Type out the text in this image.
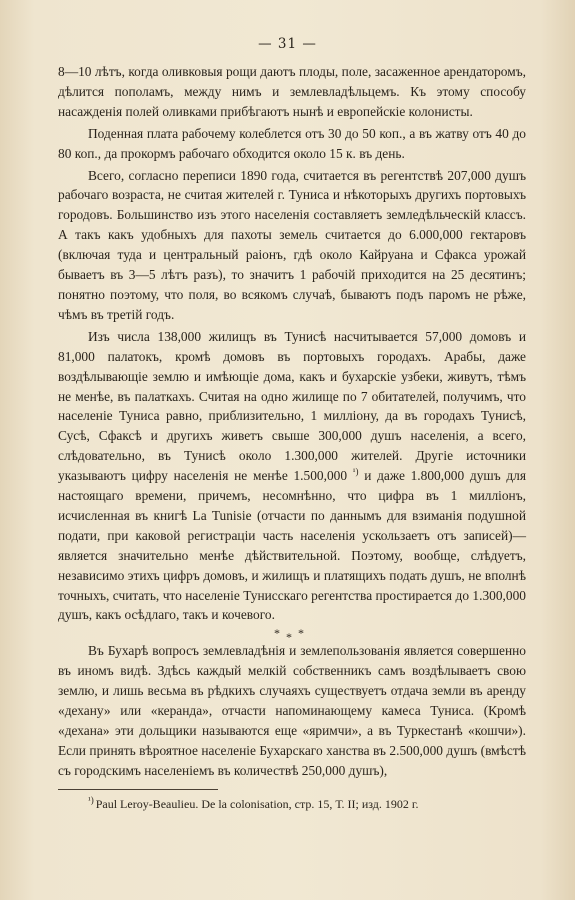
— 31 —

8—10 лѣтъ, когда оливковыя рощи даютъ плоды, поле, засаженное арендаторомъ, дѣлится пополамъ, между нимъ и землевладѣльцемъ. Къ этому способу насажденія полей оливками прибѣгаютъ нынѣ и европейскіе колонисты.

Поденная плата рабочему колеблется отъ 30 до 50 коп., а въ жатву отъ 40 до 80 коп., да прокормъ рабочаго обходится около 15 к. въ день.

Всего, согласно переписи 1890 года, считается въ регентствѣ 207,000 душъ рабочаго возраста, не считая жителей г. Туниса и нѣкоторыхъ другихъ портовыхъ городовъ. Большинство изъ этого населенія составляетъ земледѣльческій классъ. А такъ какъ удобныхъ для пахоты земель считается до 6.000,000 гектаровъ (включая туда и центральный раіонъ, гдѣ около Кайруана и Сфакса урожай бываетъ въ 3—5 лѣтъ разъ), то значитъ 1 рабочій приходится на 25 десятинъ; понятно поэтому, что поля, во всякомъ случаѣ, бываютъ подъ паромъ не рѣже, чѣмъ въ третій годъ.

Изъ числа 138,000 жилищъ въ Тунисѣ насчитывается 57,000 домовъ и 81,000 палатокъ, кромѣ домовъ въ портовыхъ городахъ. Арабы, даже воздѣлывающіе землю и имѣющіе дома, какъ и бухарскіе узбеки, живутъ, тѣмъ не менѣе, въ палаткахъ. Считая на одно жилище по 7 обитателей, получимъ, что населеніе Туниса равно, приблизительно, 1 милліону, да въ городахъ Тунисѣ, Сусѣ, Сфаксѣ и другихъ живетъ свыше 300,000 душъ населенія, а всего, слѣдовательно, въ Тунисѣ около 1.300,000 жителей. Другіе источники указываютъ цифру населенія не менѣе 1.500,000 $^{^1)}$ и даже 1.800,000 душъ для настоящаго времени, причемъ, несомнѣнно, что цифра въ 1 милліонъ, исчисленная въ книгѣ La Tunisie (отчасти по даннымъ для взиманія подушной подати, при каковой регистраціи часть населенія ускользаетъ отъ записей)—является значительно менѣе дѣйствительной. Поэтому, вообще, слѣдуетъ, независимо этихъ цифръ домовъ, и жилищъ и платящихъ подать душъ, не вполнѣ точныхъ, считать, что населеніе Тунисскаго регентства простирается до 1.300,000 душъ, какъ осѣдлаго, такъ и кочевого.

***

Въ Бухарѣ вопросъ землевладѣнія и землепользованія является совершенно въ иномъ видѣ. Здѣсь каждый мелкій собственникъ самъ воздѣлываетъ свою землю, и лишь весьма въ рѣдкихъ случаяхъ существуетъ отдача земли въ аренду «дехану» или «керанда», отчасти напоминающему камеса Туниса. (Кромѣ «дехана» эти дольщики называются еще «яримчи», а въ Туркестанѣ «кошчи»). Если принять вѣроятное населеніе Бухарскаго ханства въ 2.500,000 душъ (вмѣстѣ съ городскимъ населеніемъ въ количествѣ 250,000 душъ),

$^{^1)}$ Paul Leroy-Beaulieu. De la colonisation, стр. 15, Т. II; изд. 1902 г.
